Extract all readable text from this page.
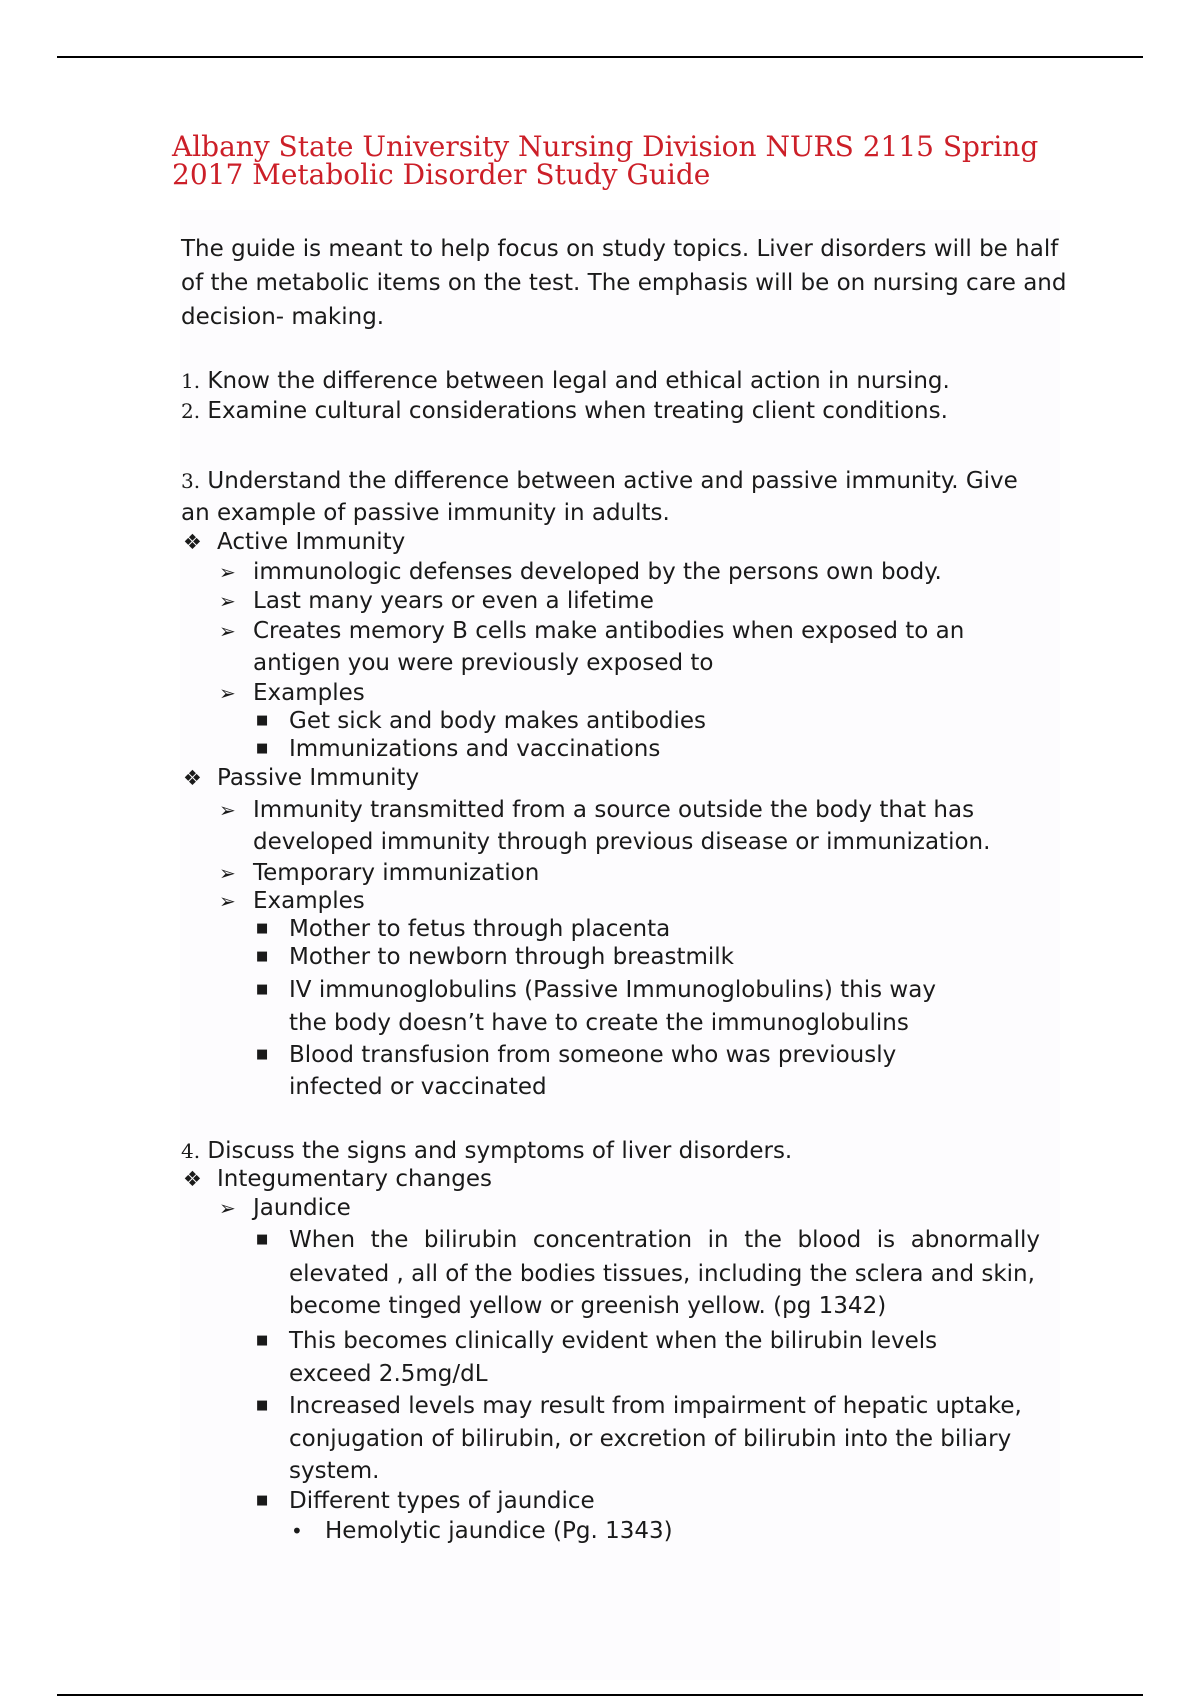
Albany State University Nursing Division NURS 2115 Spring
2017 Metabolic Disorder Study Guide
The guide is meant to help focus on study topics. Liver disorders will be half
of the metabolic items on the test. The emphasis will be on nursing care and
decision- making.
1. Know the difference between legal and ethical action in nursing.
2. Examine cultural considerations when treating client conditions.
3. Understand the difference between active and passive immunity. Give
an example of passive immunity in adults.
❖ Active Immunity
➢ immunologic defenses developed by the persons own body.
➢ Last many years or even a lifetime
➢ Creates memory B cells make antibodies when exposed to an
antigen you were previously exposed to
➢ Examples
■ Get sick and body makes antibodies
■ Immunizations and vaccinations
❖ Passive Immunity
➢ Immunity transmitted from a source outside the body that has
developed immunity through previous disease or immunization.
➢ Temporary immunization
➢ Examples
■ Mother to fetus through placenta
■ Mother to newborn through breastmilk
■ IV immunoglobulins (Passive Immunoglobulins) this way
the body doesn’t have to create the immunoglobulins
■ Blood transfusion from someone who was previously
infected or vaccinated
4. Discuss the signs and symptoms of liver disorders.
❖ Integumentary changes
➢ Jaundice
■ When the bilirubin concentration in the blood is abnormally
elevated , all of the bodies tissues, including the sclera and skin,
become tinged yellow or greenish yellow. (pg 1342)
■ This becomes clinically evident when the bilirubin levels
exceed 2.5mg/dL
■ Increased levels may result from impairment of hepatic uptake,
conjugation of bilirubin, or excretion of bilirubin into the biliary
system.
■ Different types of jaundice
• Hemolytic jaundice (Pg. 1343)
